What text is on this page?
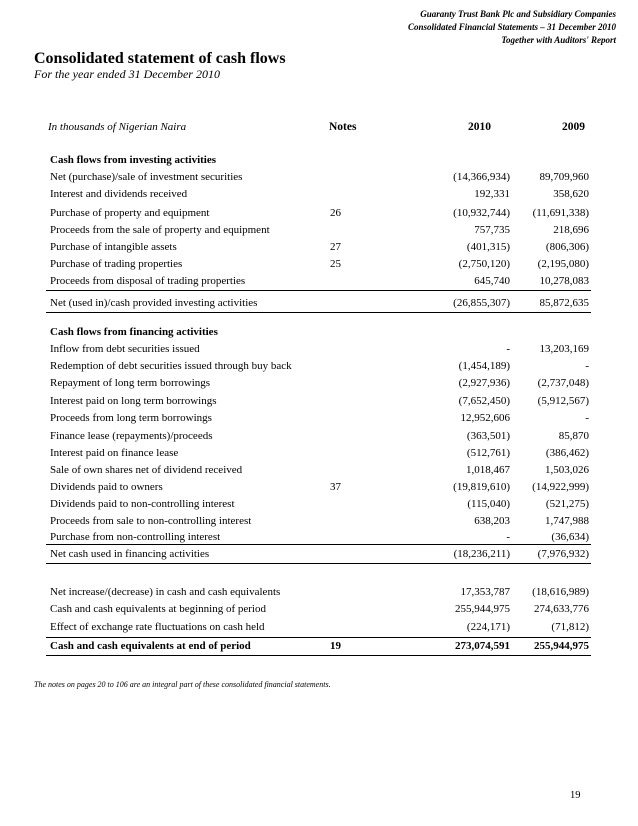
Guaranty Trust Bank Plc and Subsidiary Companies
Consolidated Financial Statements – 31 December 2010
Together with Auditors' Report
Consolidated statement of cash flows
For the year ended 31 December 2010
In thousands of Nigerian Naira	Notes	2010	2009
Cash flows from investing activities
Net (purchase)/sale of investment securities	(14,366,934)	89,709,960
Interest and dividends received	192,331	358,620
Purchase of property and equipment	26	(10,932,744) (11,691,338)
Proceeds from the sale of property and equipment	757,735	218,696
Purchase of intangible assets	27	(401,315)	(806,306)
Purchase of trading properties	25	(2,750,120)	(2,195,080)
Proceeds from disposal of trading properties	645,740	10,278,083
Net (used in)/cash provided investing activities	(26,855,307)	85,872,635
Cash flows from financing activities
Inflow from debt securities issued	-	13,203,169
Redemption of debt securities issued through buy back	(1,454,189)	-
Repayment of long term borrowings	(2,927,936)	(2,737,048)
Interest paid on long term borrowings	(7,652,450)	(5,912,567)
Proceeds from long term borrowings	12,952,606	-
Finance lease (repayments)/proceeds	(363,501)	85,870
Interest paid on finance lease	(512,761)	(386,462)
Sale of own shares net of dividend received	1,018,467	1,503,026
Dividends paid to owners	37	(19,819,610) (14,922,999)
Dividends paid to non-controlling interest	(115,040)	(521,275)
Proceeds from sale to non-controlling interest	638,203	1,747,988
Purchase from non-controlling interest	-	(36,634)
Net cash used in financing activities	(18,236,211)	(7,976,932)
Net increase/(decrease) in cash and cash equivalents	17,353,787 (18,616,989)
Cash and cash equivalents at beginning of period	255,944,975 274,633,776
Effect of exchange rate fluctuations on cash held	(224,171)	(71,812)
Cash and cash equivalents at end of period	19	273,074,591 255,944,975
The notes on pages 20 to 106 are an integral part of these consolidated financial statements.
19
